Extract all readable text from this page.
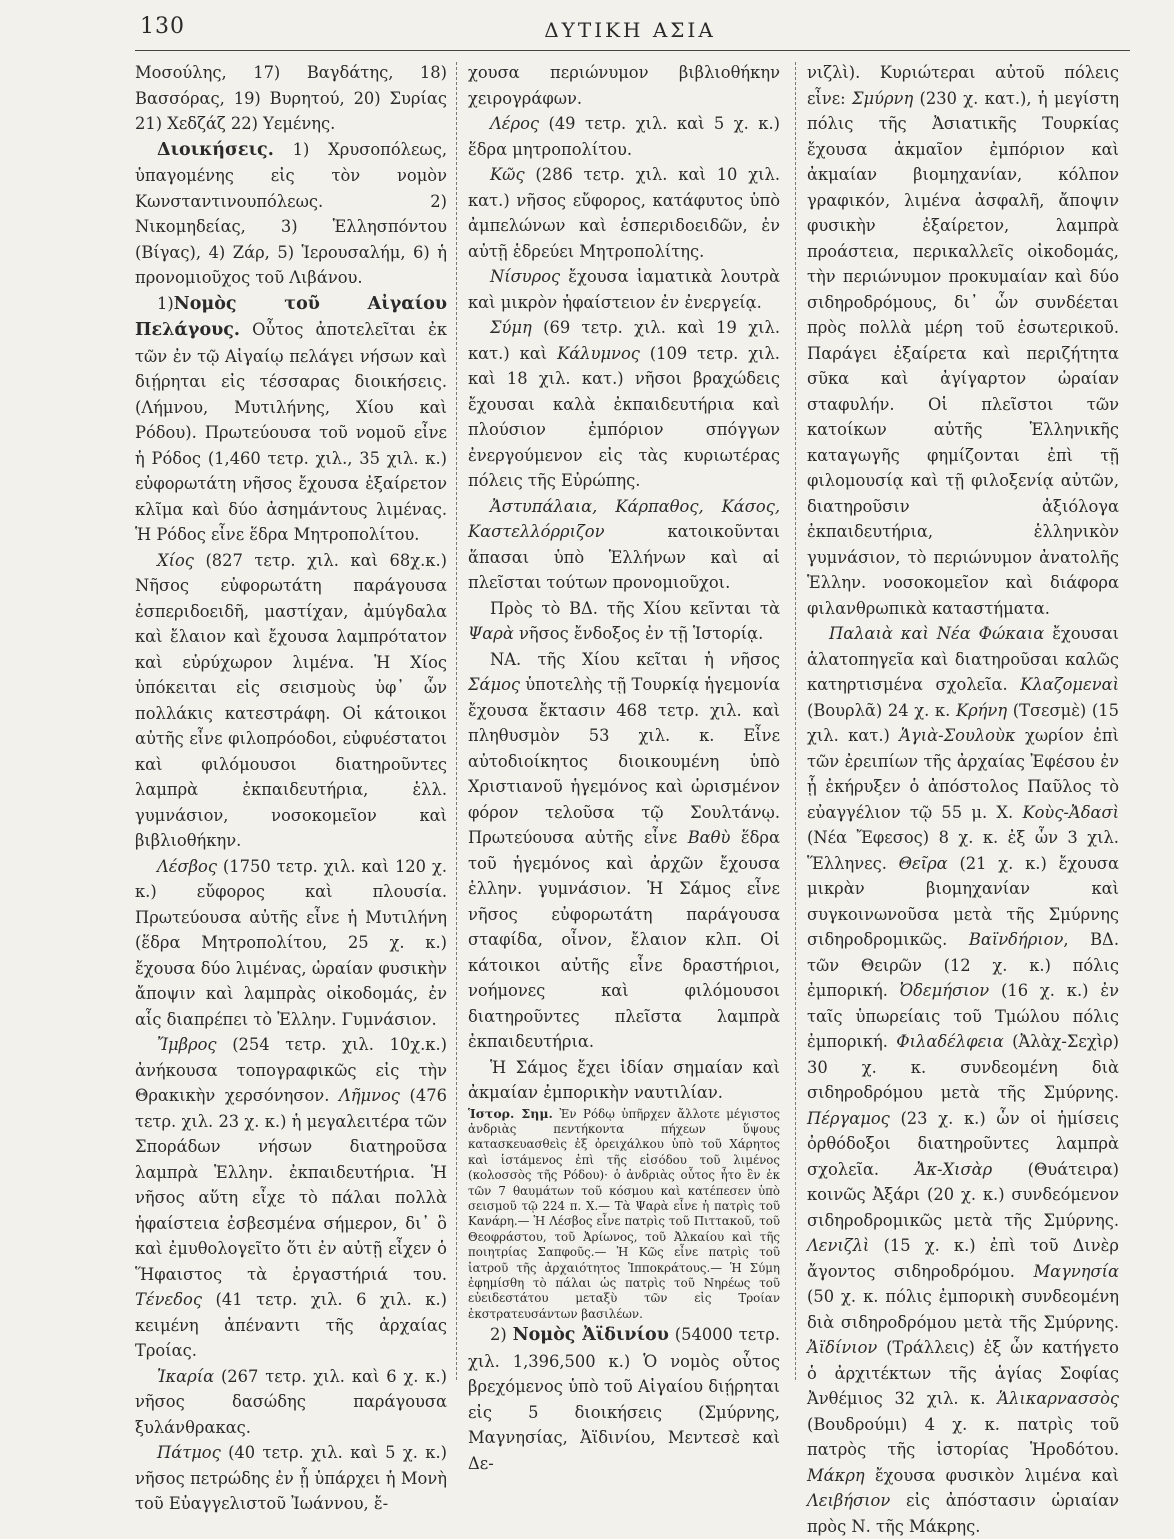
130	ΔΥΤΙΚΗ ΑΣΙΑ

Μοσούλης, 17) Βαγδάτης, 18) Βασσόρας, 19) Βυρητού, 20) Συρίας 21) Χεδζάζ 22) Υεμένης.

Διοικήσεις. 1) Χρυσοπόλεως, ὑπαγομένης εἰς τὸν νομὸν Κωνσταντινουπόλεως. 2) Νικομηδείας, 3) Ἑλλησπόντου (Βίγας), 4) Ζάρ, 5) Ἱερουσαλήμ, 6) ἡ προνομιοῦχος τοῦ Λιβάνου.

1)Νομὸς τοῦ Αἰγαίου Πελάγους. Οὗτος ἀποτελεῖται ἐκ τῶν ἐν τῷ Αἰγαίῳ πελάγει νήσων καὶ διῄρηται εἰς τέσσαρας διοικήσεις. (Λήμνου, Μυτιλήνης, Χίου καὶ Ρόδου). Πρωτεύουσα τοῦ νομοῦ εἶνε ἡ Ρόδος (1,460 τετρ. χιλ., 35 χιλ. κ.) εὐφορωτάτη νῆσος ἔχουσα ἐξαίρετον κλῖμα καὶ δύο ἀσημάντους λιμένας. Ἡ Ρόδος εἶνε ἕδρα Μητροπολίτου.

Χίος (827 τετρ. χιλ. καὶ 68χ.κ.) Νῆσος εὐφορωτάτη παράγουσα ἑσπεριδοειδῆ, μαστίχαν, ἀμύγδαλα καὶ ἔλαιον καὶ ἔχουσα λαμπρότατον καὶ εὐρύχωρον λιμένα. Ἡ Χίος ὑπόκειται εἰς σεισμοὺς ὑφ᾽ ὧν πολλάκις κατεστράφη. Οἱ κάτοικοι αὐτῆς εἶνε φιλοπρόοδοι, εὐφυέστατοι καὶ φιλόμουσοι διατηροῦντες λαμπρὰ ἐκπαιδευτήρια, ἑλλ. γυμνάσιον, νοσοκομεῖον καὶ βιβλιοθήκην.

Λέσβος (1750 τετρ. χιλ. καὶ 120 χ. κ.) εὔφορος καὶ πλουσία. Πρωτεύουσα αὐτῆς εἶνε ἡ Μυτιλήνη (ἕδρα Μητροπολίτου, 25 χ. κ.) ἔχουσα δύο λιμένας, ὡραίαν φυσικὴν ἄποψιν καὶ λαμπρὰς οἰκοδομάς, ἐν αἷς διαπρέπει τὸ Ἑλλην. Γυμνάσιον.

Ἴμβρος (254 τετρ. χιλ. 10χ.κ.) ἀνήκουσα τοπογραφικῶς εἰς τὴν Θρακικὴν χερσόνησον. Λῆμνος (476 τετρ. χιλ. 23 χ. κ.) ἡ μεγαλειτέρα τῶν Σποράδων νήσων διατηροῦσα λαμπρὰ Ἑλλην. ἐκπαιδευτήρια. Ἡ νῆσος αὕτη εἶχε τὸ πάλαι πολλὰ ἡφαίστεια ἐσβεσμένα σήμερον, δι᾽ ὃ καὶ ἐμυθολογεῖτο ὅτι ἐν αὐτῇ εἶχεν ὁ Ἥφαιστος τὰ ἐργαστήριά του. Τένεδος (41 τετρ. χιλ. 6 χιλ. κ.) κειμένη ἀπέναντι τῆς ἀρχαίας Τροίας.

Ἰκαρία (267 τετρ. χιλ. καὶ 6 χ. κ.) νῆσος δασώδης παράγουσα ξυλάνθρακας.

Πάτμος (40 τετρ. χιλ. καὶ 5 χ. κ.) νῆσος πετρώδης ἐν ᾗ ὑπάρχει ἡ Μονὴ τοῦ Εὐαγγελιστοῦ Ἰωάννου, ἔ-

χουσα περιώνυμον βιβλιοθήκην χειρογράφων.

Λέρος (49 τετρ. χιλ. καὶ 5 χ. κ.) ἕδρα μητροπολίτου.

Κῶς (286 τετρ. χιλ. καὶ 10 χιλ. κατ.) νῆσος εὔφορος, κατάφυτος ὑπὸ ἀμπελώνων καὶ ἑσπεριδοειδῶν, ἐν αὐτῇ ἑδρεύει Μητροπολίτης.

Νίσυρος ἔχουσα ἰαματικὰ λουτρὰ καὶ μικρὸν ἡφαίστειον ἐν ἐνεργείᾳ.

Σύμη (69 τετρ. χιλ. καὶ 19 χιλ. κατ.) καὶ Κάλυμνος (109 τετρ. χιλ. καὶ 18 χιλ. κατ.) νῆσοι βραχώδεις ἔχουσαι καλὰ ἐκπαιδευτήρια καὶ πλούσιον ἐμπόριον σπόγγων ἐνεργούμενον εἰς τὰς κυριωτέρας πόλεις τῆς Εὐρώπης.

Ἀστυπάλαια, Κάρπαθος, Κάσος, Καστελλόρριζον κατοικοῦνται ἅπασαι ὑπὸ Ἑλλήνων καὶ αἱ πλεῖσται τούτων προνομιοῦχοι.

Πρὸς τὸ ΒΔ. τῆς Χίου κεῖνται τὰ Ψαρὰ νῆσος ἔνδοξος ἐν τῇ Ἱστορίᾳ.

ΝΑ. τῆς Χίου κεῖται ἡ νῆσος Σάμος ὑποτελὴς τῇ Τουρκίᾳ ἡγεμονία ἔχουσα ἔκτασιν 468 τετρ. χιλ. καὶ πληθυσμὸν 53 χιλ. κ. Εἶνε αὐτοδιοίκητος διοικουμένη ὑπὸ Χριστιανοῦ ἡγεμόνος καὶ ὡρισμένον φόρον τελοῦσα τῷ Σουλτάνῳ. Πρωτεύουσα αὐτῆς εἶνε Βαθὺ ἕδρα τοῦ ἡγεμόνος καὶ ἀρχῶν ἔχουσα ἑλλην. γυμνάσιον. Ἡ Σάμος εἶνε νῆσος εὐφορωτάτη παράγουσα σταφίδα, οἶνον, ἔλαιον κλπ. Οἱ κάτοικοι αὐτῆς εἶνε δραστήριοι, νοήμονες καὶ φιλόμουσοι διατηροῦντες πλεῖστα λαμπρὰ ἐκπαιδευτήρια.

Ἡ Σάμος ἔχει ἰδίαν σημαίαν καὶ ἀκμαίαν ἐμπορικὴν ναυτιλίαν.

Ἱστορ. Σημ. Ἐν Ρόδῳ ὑπῆρχεν ἄλλοτε μέγιστος ἀνδριὰς πεντήκοντα πήχεων ὕψους κατασκευασθεὶς ἐξ ὀρειχάλκου ὑπὸ τοῦ Χάρητος καὶ ἱστάμενος ἐπὶ τῆς εἰσόδου τοῦ λιμένος (κολοσσὸς τῆς Ρόδου)· ὁ ἀνδριὰς οὗτος ἦτο ἓν ἐκ τῶν 7 θαυμάτων τοῦ κόσμου καὶ κατέπεσεν ὑπὸ σεισμοῦ τῷ 224 π. Χ.— Τὰ Ψαρὰ εἶνε ἡ πατρὶς τοῦ Κανάρη.— Ἡ Λέσβος εἶνε πατρὶς τοῦ Πιττακοῦ, τοῦ Θεοφράστου, τοῦ Ἀρίωνος, τοῦ Ἀλκαίου καὶ τῆς ποιητρίας Σαπφοῦς.— Ἡ Κῶς εἶνε πατρὶς τοῦ ἰατροῦ τῆς ἀρχαιότητος Ἱπποκράτους.— Ἡ Σύμη ἐφημίσθη τὸ πάλαι ὡς πατρὶς τοῦ Νηρέως τοῦ εὐειδεστάτου μεταξὺ τῶν εἰς Τροίαν ἐκστρατευσάντων βασιλέων.

2) Νομὸς Ἀϊδινίου (54000 τετρ. χιλ. 1,396,500 κ.) Ὁ νομὸς οὗτος βρεχόμενος ὑπὸ τοῦ Αἰγαίου διῄρηται εἰς 5 διοικήσεις (Σμύρνης, Μαγνησίας, Ἀϊδινίου, Μεντεσὲ καὶ Δε-

νιζλὶ). Κυριώτεραι αὐτοῦ πόλεις εἶνε: Σμύρνη (230 χ. κατ.), ἡ μεγίστη πόλις τῆς Ἀσιατικῆς Τουρκίας ἔχουσα ἀκμαῖον ἐμπόριον καὶ ἀκμαίαν βιομηχανίαν, κόλπον γραφικόν, λιμένα ἀσφαλῆ, ἄποψιν φυσικὴν ἐξαίρετον, λαμπρὰ προάστεια, περικαλλεῖς οἰκοδομάς, τὴν περιώνυμον προκυμαίαν καὶ δύο σιδηροδρόμους, δι᾽ ὧν συνδέεται πρὸς πολλὰ μέρη τοῦ ἐσωτερικοῦ. Παράγει ἐξαίρετα καὶ περιζήτητα σῦκα καὶ ἀγίγαρτον ὡραίαν σταφυλήν. Οἱ πλεῖστοι τῶν κατοίκων αὐτῆς Ἑλληνικῆς καταγωγῆς φημίζονται ἐπὶ τῇ φιλομουσίᾳ καὶ τῇ φιλοξενίᾳ αὐτῶν, διατηροῦσιν ἀξιόλογα ἐκπαιδευτήρια, ἑλληνικὸν γυμνάσιον, τὸ περιώνυμον ἀνατολῆς Ἑλλην. νοσοκομεῖον καὶ διάφορα φιλανθρωπικὰ καταστήματα.

Παλαιὰ καὶ Νέα Φώκαια ἔχουσαι ἁλατοπηγεῖα καὶ διατηροῦσαι καλῶς κατηρτισμένα σχολεῖα. Κλαζομεναὶ (Βουρλᾶ) 24 χ. κ. Κρήνη (Τσεσμὲ) (15 χιλ. κατ.) Ἁγιὰ-Σουλοὺκ χωρίον ἐπὶ τῶν ἐρειπίων τῆς ἀρχαίας Ἐφέσου ἐν ᾗ ἐκήρυξεν ὁ ἀπόστολος Παῦλος τὸ εὐαγγέλιον τῷ 55 μ. Χ. Κοὺς-Ἀδασὶ (Νέα Ἔφεσος) 8 χ. κ. ἐξ ὧν 3 χιλ. Ἕλληνες. Θεῖρα (21 χ. κ.) ἔχουσα μικρὰν βιομηχανίαν καὶ συγκοινωνοῦσα μετὰ τῆς Σμύρνης σιδηροδρομικῶς. Βαϊνδήριον, ΒΔ. τῶν Θειρῶν (12 χ. κ.) πόλις ἐμπορική. Ὀδεμήσιον (16 χ. κ.) ἐν ταῖς ὑπωρείαις τοῦ Τμώλου πόλις ἐμπορική. Φιλαδέλφεια (Ἀλὰχ-Σεχὶρ) 30 χ. κ. συνδεομένη διὰ σιδηροδρόμου μετὰ τῆς Σμύρνης. Πέργαμος (23 χ. κ.) ὧν οἱ ἡμίσεις ὀρθόδοξοι διατηροῦντες λαμπρὰ σχολεῖα. Ἀκ-Χισὰρ (Θυάτειρα) κοινῶς Ἀξάρι (20 χ. κ.) συνδεόμενον σιδηροδρομικῶς μετὰ τῆς Σμύρνης. Λενιζλὶ (15 χ. κ.) ἐπὶ τοῦ Δινὲρ ἄγοντος σιδηροδρόμου. Μαγνησία (50 χ. κ. πόλις ἐμπορικὴ συνδεομένη διὰ σιδηροδρόμου μετὰ τῆς Σμύρνης. Ἀϊδίνιον (Τράλλεις) ἐξ ὧν κατήγετο ὁ ἀρχιτέκτων τῆς ἁγίας Σοφίας Ἀνθέμιος 32 χιλ. κ. Ἁλικαρνασσὸς (Βουδρούμι) 4 χ. κ. πατρὶς τοῦ πατρὸς τῆς ἱστορίας Ἡροδότου. Μάκρη ἔχουσα φυσικὸν λιμένα καὶ Λειβήσιον εἰς ἀπόστασιν ὡριαίαν πρὸς Ν. τῆς Μάκρης.
